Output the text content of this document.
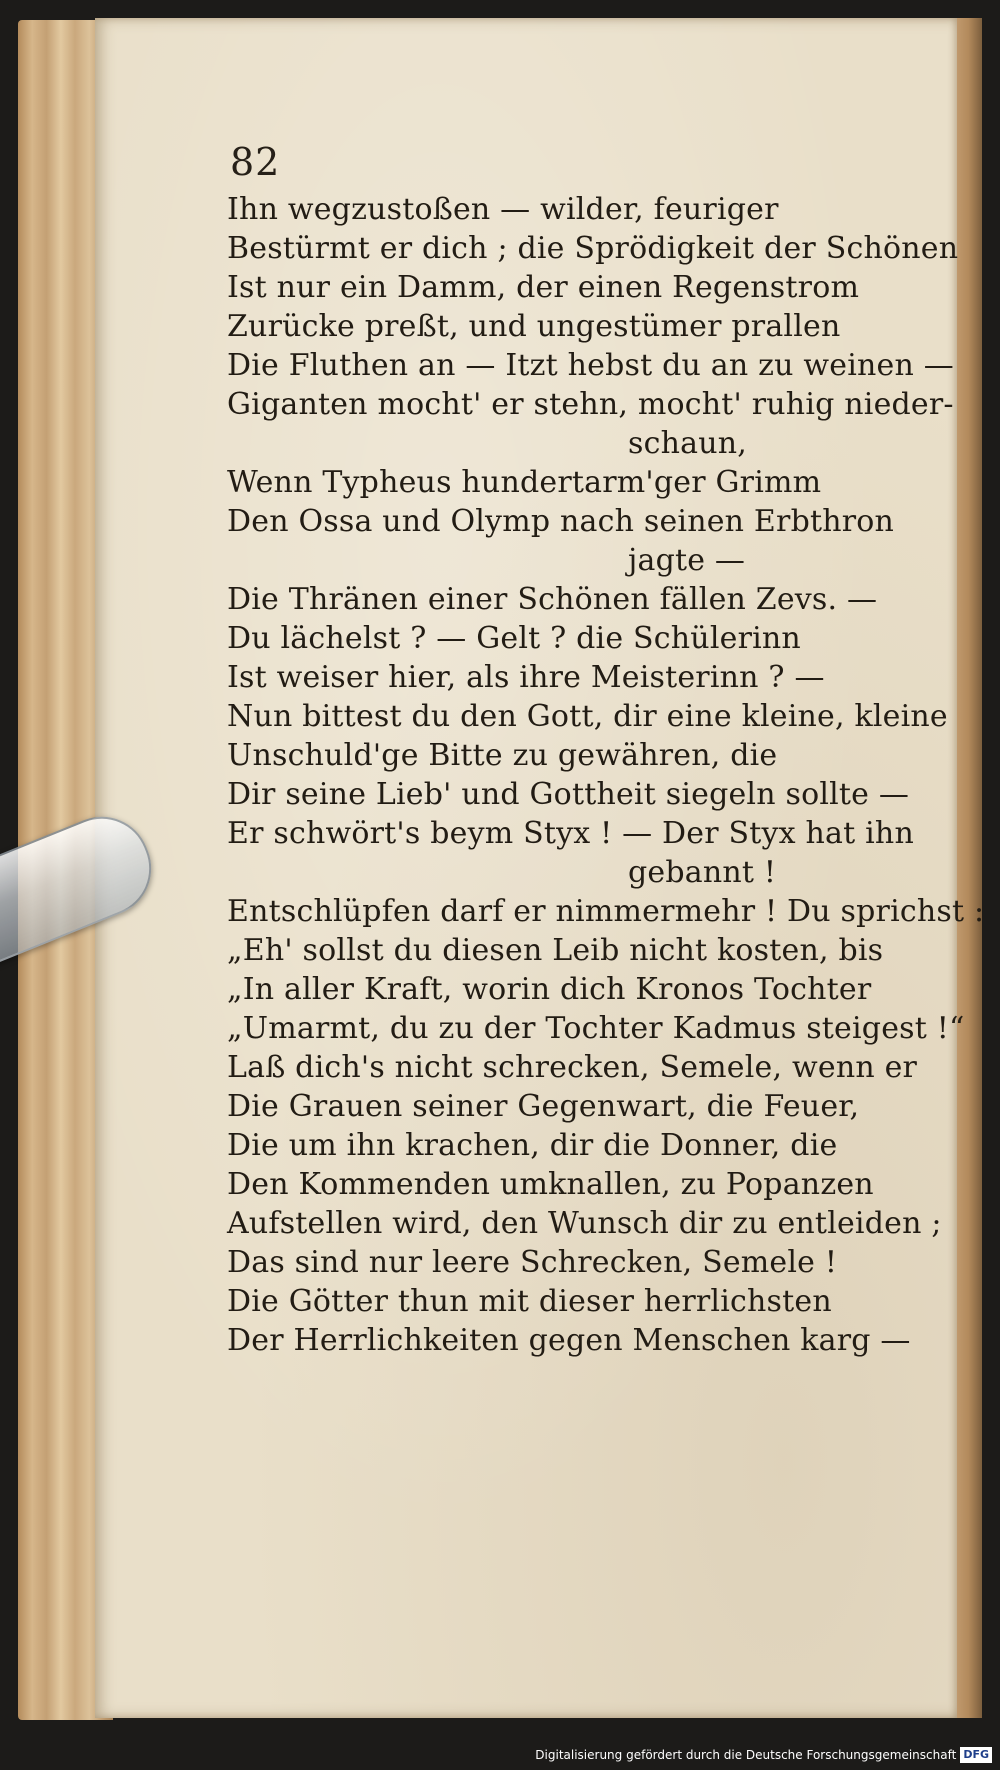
82
Ihn wegzustoßen — wilder, feuriger
Bestürmt er dich ; die Sprödigkeit der Schönen
Ist nur ein Damm, der einen Regenstrom
Zurücke preßt, und ungestümer prallen
Die Fluthen an — Itzt hebst du an zu weinen —
Giganten mocht' er stehn, mocht' ruhig nieder-
schaun,
Wenn Typheus hundertarm'ger Grimm
Den Ossa und Olymp nach seinen Erbthron
jagte —
Die Thränen einer Schönen fällen Zevs. —
Du lächelst ? — Gelt ? die Schülerinn
Ist weiser hier, als ihre Meisterinn ? —
Nun bittest du den Gott, dir eine kleine, kleine
Unschuld'ge Bitte zu gewähren, die
Dir seine Lieb' und Gottheit siegeln sollte —
Er schwört's beym Styx ! — Der Styx hat ihn
gebannt !
Entschlüpfen darf er nimmermehr ! Du sprichst :
„Eh' sollst du diesen Leib nicht kosten, bis
„In aller Kraft, worin dich Kronos Tochter
„Umarmt, du zu der Tochter Kadmus steigest !“
Laß dich's nicht schrecken, Semele, wenn er
Die Grauen seiner Gegenwart, die Feuer,
Die um ihn krachen, dir die Donner, die
Den Kommenden umknallen, zu Popanzen
Aufstellen wird, den Wunsch dir zu entleiden ;
Das sind nur leere Schrecken, Semele !
Die Götter thun mit dieser herrlichsten
Der Herrlichkeiten gegen Menschen karg —
Digitalisierung gefördert durch die Deutsche Forschungsgemeinschaft DFG
